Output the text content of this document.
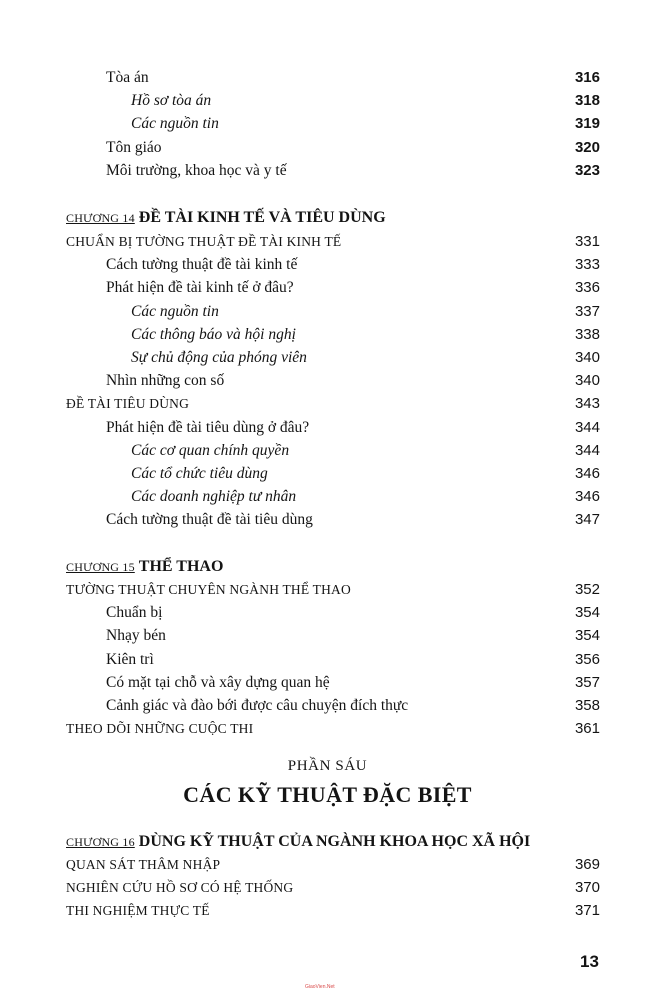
CHƯƠNG 14 ĐỀ TÀI KINH TẾ VÀ TIÊU DÙNG
CHƯƠNG 15 THỂ THAO
PHẦN SÁU
CÁC KỸ THUẬT ĐẶC BIỆT
CHƯƠNG 16 DÙNG KỸ THUẬT CỦA NGÀNH KHOA HỌC XÃ HỘI
Tòa án	316
Hồ sơ tòa án	318
Các nguồn tin	319
Tôn giáo	320
Môi trường, khoa học và y tế	323
CHUẨN BỊ TƯỜNG THUẬT ĐỀ TÀI KINH TẾ	331
Cách tường thuật đề tài kinh tế	333
Phát hiện đề tài kinh tế ở đâu?	336
Các nguồn tin	337
Các thông báo và hội nghị	338
Sự chủ động của phóng viên	340
Nhìn những con số	340
ĐỀ TÀI TIÊU DÙNG	343
Phát hiện đề tài tiêu dùng ở đâu?	344
Các cơ quan chính quyền	344
Các tổ chức tiêu dùng	346
Các doanh nghiệp tư nhân	346
Cách tường thuật đề tài tiêu dùng	347
TƯỜNG THUẬT CHUYÊN NGÀNH THỂ THAO	352
Chuẩn bị	354
Nhạy bén	354
Kiên trì	356
Có mặt tại chỗ và xây dựng quan hệ	357
Cảnh giác và đào bới được câu chuyện đích thực	358
THEO DÕI NHỮNG CUỘC THI	361
QUAN SÁT THÂM NHẬP	369
NGHIÊN CỨU HỒ SƠ CÓ HỆ THỐNG	370
THI NGHIỆM THỰC TẾ	371
13
GiaoVien.Net
